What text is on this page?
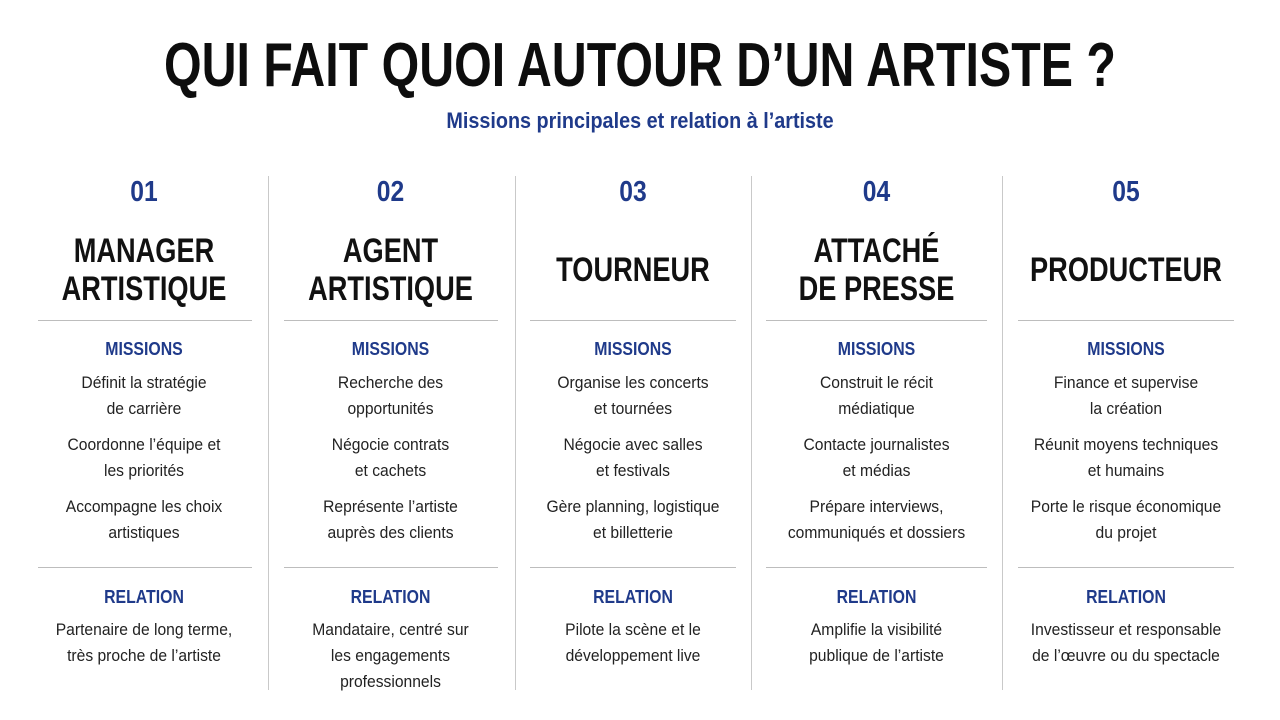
QUI FAIT QUOI AUTOUR D’UN ARTISTE ?
Missions principales et relation à l’artiste
01
MANAGER
ARTISTIQUE
MISSIONS
Définit la stratégie
de carrière
Coordonne l’équipe et
les priorités
Accompagne les choix
artistiques
RELATION
Partenaire de long terme,
très proche de l’artiste
02
AGENT
ARTISTIQUE
MISSIONS
Recherche des
opportunités
Négocie contrats
et cachets
Représente l’artiste
auprès des clients
RELATION
Mandataire, centré sur
les engagements
professionnels
03
TOURNEUR
MISSIONS
Organise les concerts
et tournées
Négocie avec salles
et festivals
Gère planning, logistique
et billetterie
RELATION
Pilote la scène et le
développement live
04
ATTACHÉ
DE PRESSE
MISSIONS
Construit le récit
médiatique
Contacte journalistes
et médias
Prépare interviews,
communiqués et dossiers
RELATION
Amplifie la visibilité
publique de l’artiste
05
PRODUCTEUR
MISSIONS
Finance et supervise
la création
Réunit moyens techniques
et humains
Porte le risque économique
du projet
RELATION
Investisseur et responsable
de l’œuvre ou du spectacle
